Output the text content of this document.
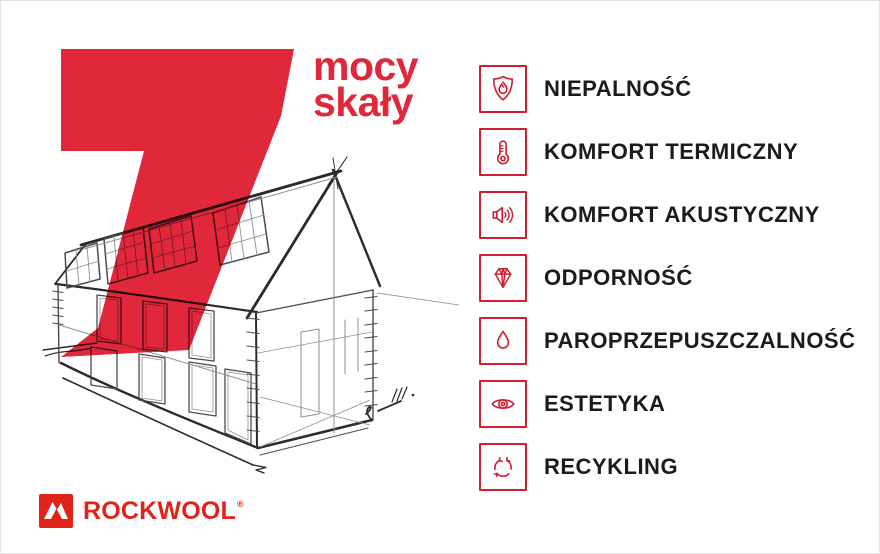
mocy
skały	NIEPALNOŚĆ
KOMFORT TERMICZNY
KOMFORT AKUSTYCZNY
ODPORNOŚĆ
PAROPRZEPUSZCZALNOŚĆ
ESTETYKA
RECYKLING
ROCKWOOL®
